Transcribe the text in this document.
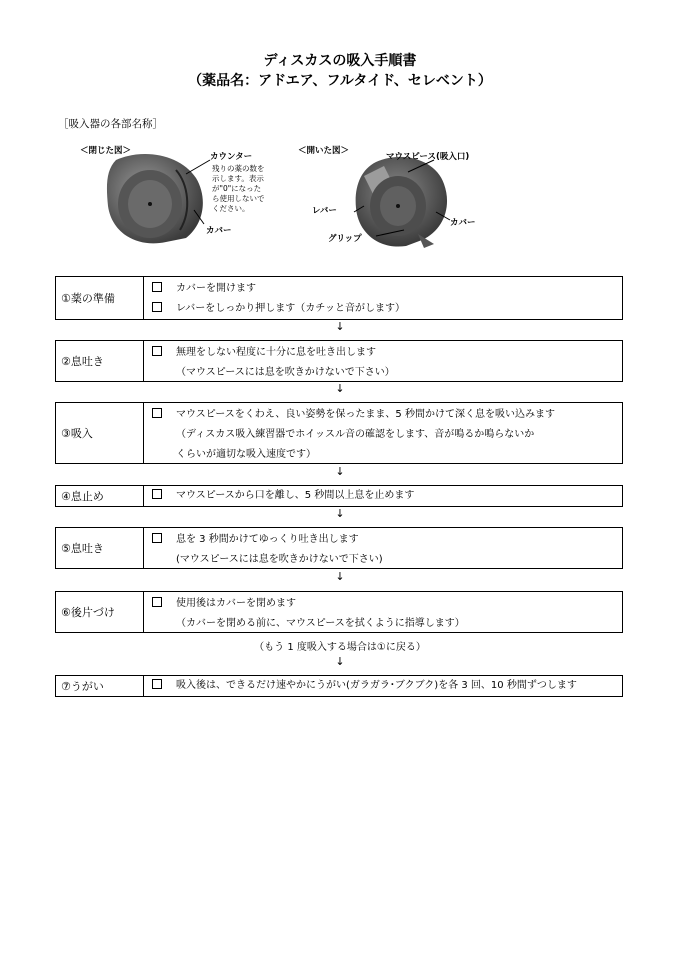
ディスカスの吸入手順書
（薬品名：アドエア、フルタイド、セレベント）
［吸入器の各部名称］
＜閉じた図＞
カウンター
残りの薬の数を
示します。表示
が"0"になった
ら使用しないで
ください。
カバー
＜開いた図＞
マウスピース(吸入口)
レバー
カバー
グリップ
①薬の準備
カバーを開けます
レバーをしっかり押します（カチッと音がします）
↓
②息吐き
無理をしない程度に十分に息を吐き出します
（マウスピースには息を吹きかけないで下さい）
↓
③吸入
マウスピースをくわえ、良い姿勢を保ったまま、5 秒間かけて深く息を吸い込みます
（ディスカス吸入練習器でホイッスル音の確認をします、音が鳴るか鳴らないか
くらいが適切な吸入速度です）
↓
④息止め	マウスピースから口を離し、5 秒間以上息を止めます
↓
⑤息吐き
息を 3 秒間かけてゆっくり吐き出します
(マウスピースには息を吹きかけないで下さい)
↓
⑥後片づけ
使用後はカバーを閉めます
（カバーを閉める前に、マウスピースを拭くように指導します）
（もう 1 度吸入する場合は①に戻る）
↓
⑦うがい	吸入後は、できるだけ速やかにうがい(ガラガラ･ブクブク)を各 3 回、10 秒間ずつします
